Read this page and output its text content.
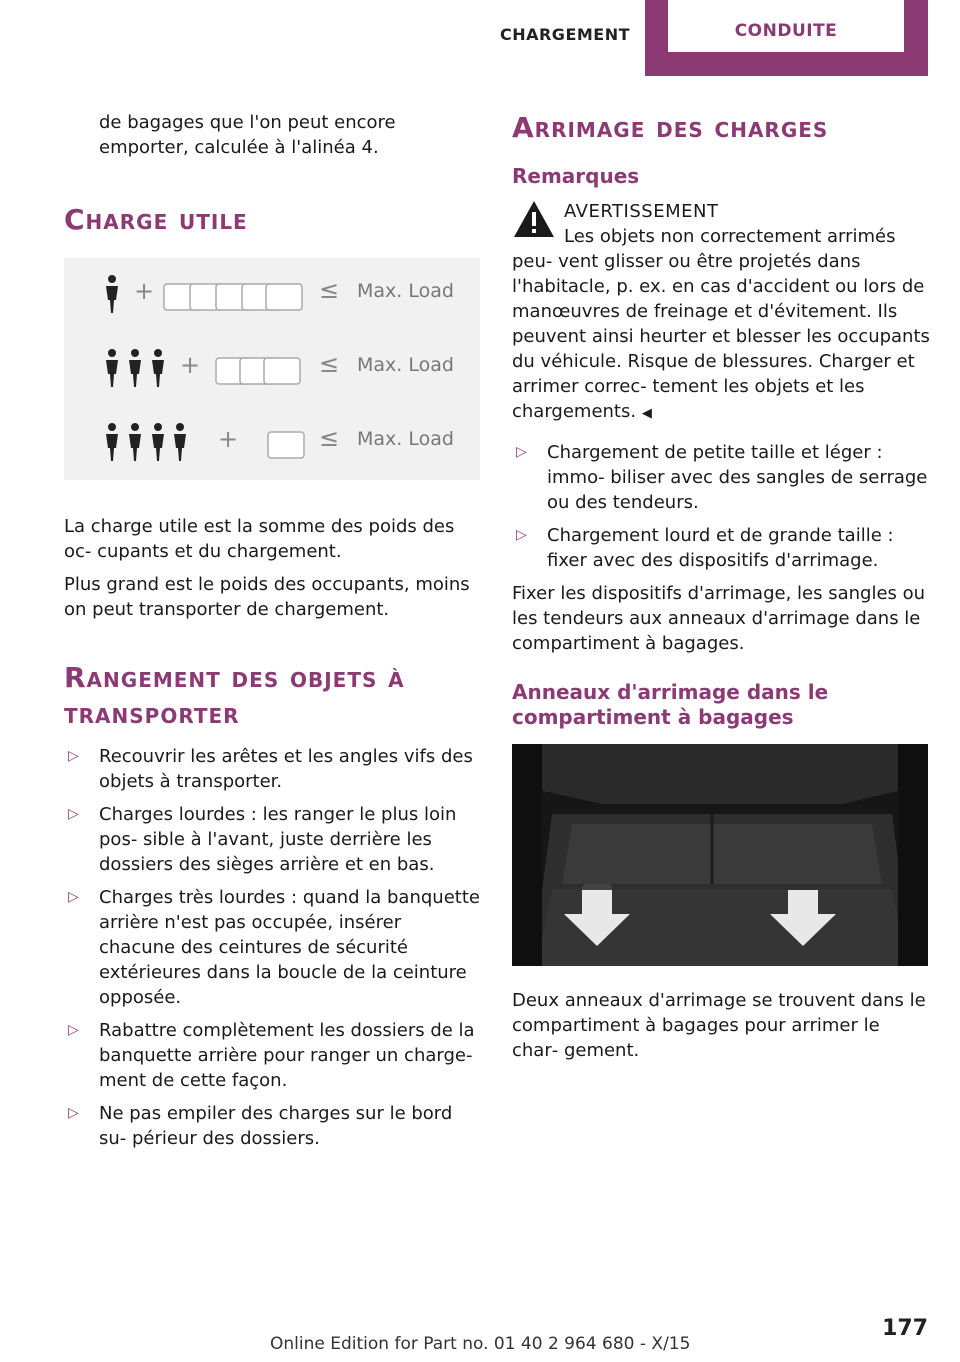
CHARGEMENT	CONDUITE

de bagages que l'on peut encore emporter, calculée à l'alinéa 4.

Charge utile
+	≤ Max. Load
+	≤ Max. Load
+	≤ Max. Load

La charge utile est la somme des poids des oc‐ cupants et du chargement.

Plus grand est le poids des occupants, moins on peut transporter de chargement.

Rangement des objets à transporter
▷ Recouvrir les arêtes et les angles vifs des objets à transporter.
▷ Charges lourdes : les ranger le plus loin pos‐ sible à l'avant, juste derrière les dossiers des sièges arrière et en bas.
▷ Charges très lourdes : quand la banquette arrière n'est pas occupée, insérer chacune des ceintures de sécurité extérieures dans la boucle de la ceinture opposée.
▷ Rabattre complètement les dossiers de la banquette arrière pour ranger un charge‐ ment de cette façon.
▷ Ne pas empiler des charges sur le bord su‐ périeur des dossiers.
Arrimage des charges
Remarques

AVERTISSEMENT

Les objets non correctement arrimés peu‐ vent glisser ou être projetés dans l'habitacle, p. ex. en cas d'accident ou lors de manœuvres de freinage et d'évitement. Ils peuvent ainsi heurter et blesser les occupants du véhicule. Risque de blessures. Charger et arrimer correc‐ tement les objets et les chargements. ◀

▷ Chargement de petite taille et léger : immo‐ biliser avec des sangles de serrage ou des tendeurs.
▷ Chargement lourd et de grande taille : fixer avec des dispositifs d'arrimage.

Fixer les dispositifs d'arrimage, les sangles ou les tendeurs aux anneaux d'arrimage dans le compartiment à bagages.

Anneaux d'arrimage dans le compartiment à bagages

Deux anneaux d'arrimage se trouvent dans le compartiment à bagages pour arrimer le char‐ gement.

177
Online Edition for Part no. 01 40 2 964 680 - X/15
